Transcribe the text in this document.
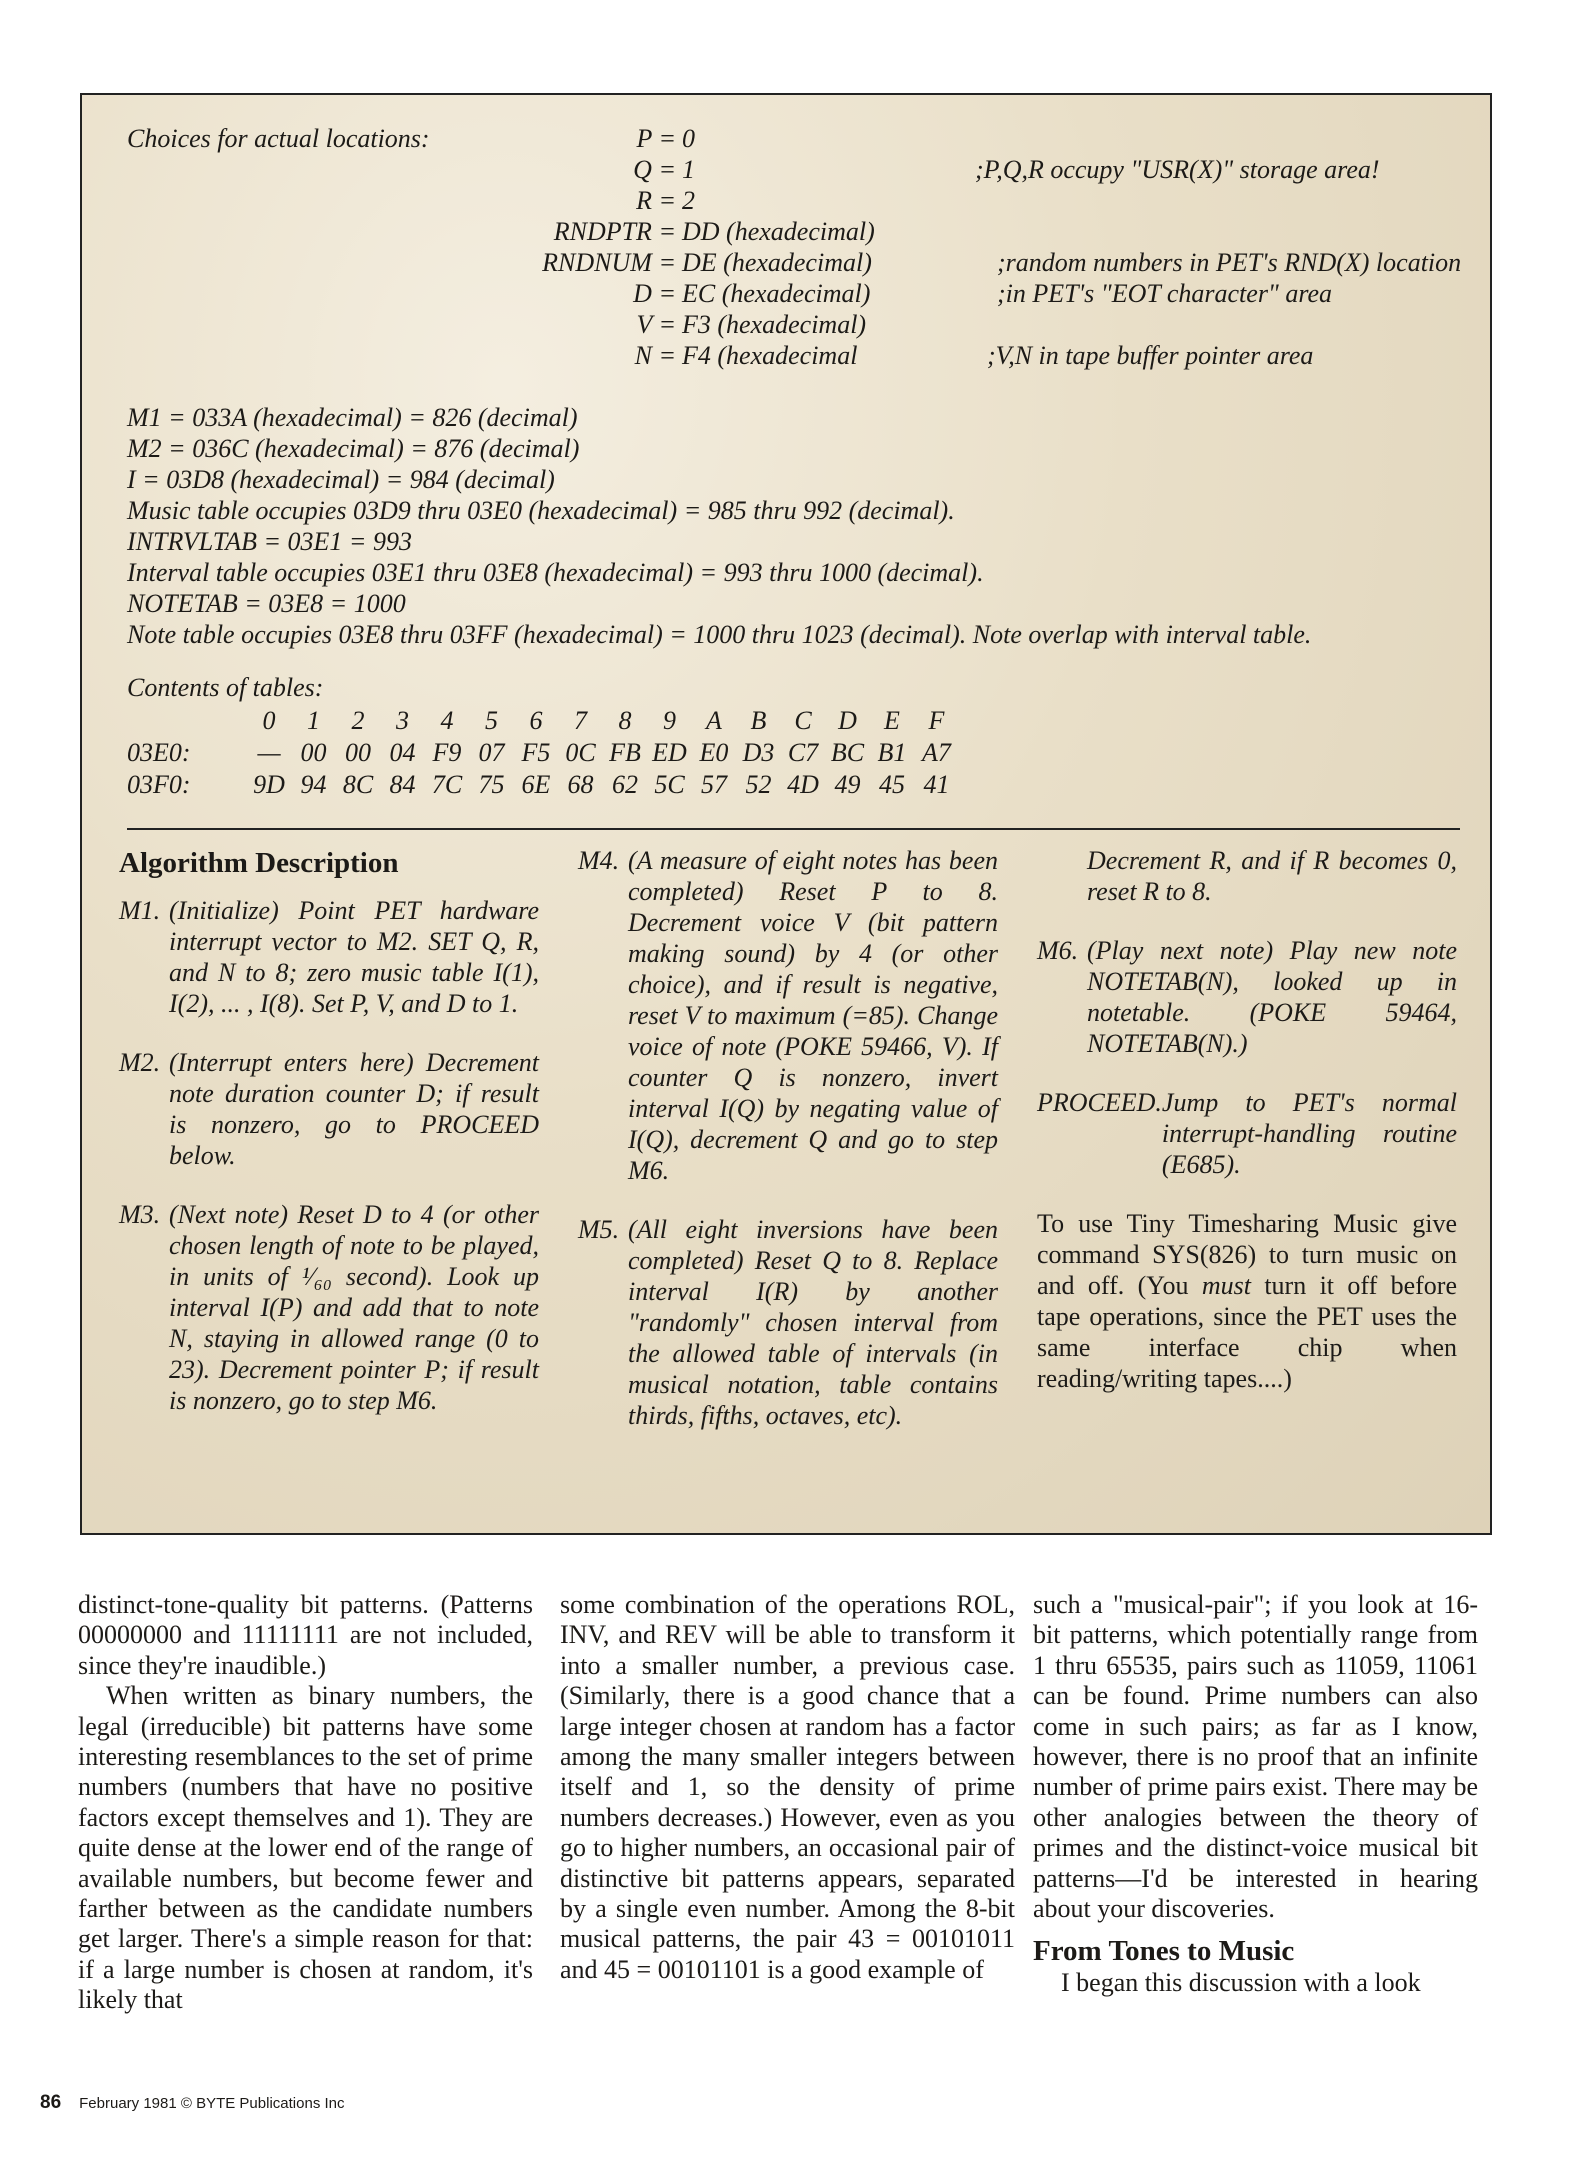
Choices for actual locations:	P = 0
Q = 1	;P,Q,R occupy "USR(X)" storage area!
R = 2
RNDPTR = DD (hexadecimal)
RNDNUM = DE (hexadecimal)	;random numbers in PET's RND(X) location
D = EC (hexadecimal)	;in PET's "EOT character" area
V = F3 (hexadecimal)
N = F4 (hexadecimal	;V,N in tape buffer pointer area
M1 = 033A (hexadecimal) = 826 (decimal)
M2 = 036C (hexadecimal) = 876 (decimal)
I = 03D8 (hexadecimal) = 984 (decimal)
Music table occupies 03D9 thru 03E0 (hexadecimal) = 985 thru 992 (decimal).
INTRVLTAB = 03E1 = 993
Interval table occupies 03E1 thru 03E8 (hexadecimal) = 993 thru 1000 (decimal).
NOTETAB = 03E8 = 1000
Note table occupies 03E8 thru 03FF (hexadecimal) = 1000 thru 1023 (decimal). Note overlap with interval table.
Contents of tables:
0	1	2	3	4	5	6	7	8	9	A	B	C	D	E	F
03E0:	— 00 00 04 F9 07 F5 0C FB ED E0 D3 C7 BC B1 A7
03F0: 9D 94 8C 84 7C 75 6E 68 62 5C 57 52 4D 49 45 41
Algorithm Description
M1. (Initialize) Point PET hardware interrupt vector to M2. SET Q, R, and N to 8; zero music table I(1), I(2), ... , I(8). Set P, V, and D to 1.
M2. (Interrupt enters here) Decrement note duration counter D; if result is nonzero, go to PROCEED below.
M3. (Next note) Reset D to 4 (or other chosen length of note to be played, in units of ¹⁄₆₀ second). Look up interval I(P) and add that to note N, staying in allowed range (0 to 23). Decrement pointer P; if result is nonzero, go to step M6.
M4. (A measure of eight notes has been completed) Reset P to 8. Decrement voice V (bit pattern making sound) by 4 (or other choice), and if result is negative, reset V to maximum (=85). Change voice of note (POKE 59466, V). If counter Q is nonzero, invert interval I(Q) by negating value of I(Q), decrement Q and go to step M6.
M5. (All eight inversions have been completed) Reset Q to 8. Replace interval I(R) by another "randomly" chosen interval from the allowed table of intervals (in musical notation, table contains thirds, fifths, octaves, etc).
Decrement R, and if R becomes 0, reset R to 8.
M6. (Play next note) Play new note NOTETAB(N), looked up in notetable. (POKE 59464, NOTETAB(N).)
PROCEED. Jump to PET's normal interrupt-handling routine (E685).
To use Tiny Timesharing Music give command SYS(826) to turn music on and off. (You must turn it off before tape operations, since the PET uses the same interface chip when reading/writing tapes....)

distinct-tone-quality bit patterns. (Patterns 00000000 and 11111111 are not included, since they're inaudible.)

When written as binary numbers, the legal (irreducible) bit patterns have some interesting resemblances to the set of prime numbers (numbers that have no positive factors except themselves and 1). They are quite dense at the lower end of the range of available numbers, but become fewer and farther between as the candidate numbers get larger. There's a simple reason for that: if a large number is chosen at random, it's likely that

some combination of the operations ROL, INV, and REV will be able to transform it into a smaller number, a previous case. (Similarly, there is a good chance that a large integer chosen at random has a factor among the many smaller integers between itself and 1, so the density of prime numbers decreases.) However, even as you go to higher numbers, an occasional pair of distinctive bit patterns appears, separated by a single even number. Among the 8-bit musical patterns, the pair 43 = 00101011 and 45 = 00101101 is a good example of

such a "musical-pair"; if you look at 16-bit patterns, which potentially range from 1 thru 65535, pairs such as 11059, 11061 can be found. Prime numbers can also come in such pairs; as far as I know, however, there is no proof that an infinite number of prime pairs exist. There may be other analogies between the theory of primes and the distinct-voice musical bit patterns—I'd be interested in hearing about your discoveries.

From Tones to Music

I began this discussion with a look

86 February 1981 © BYTE Publications Inc
